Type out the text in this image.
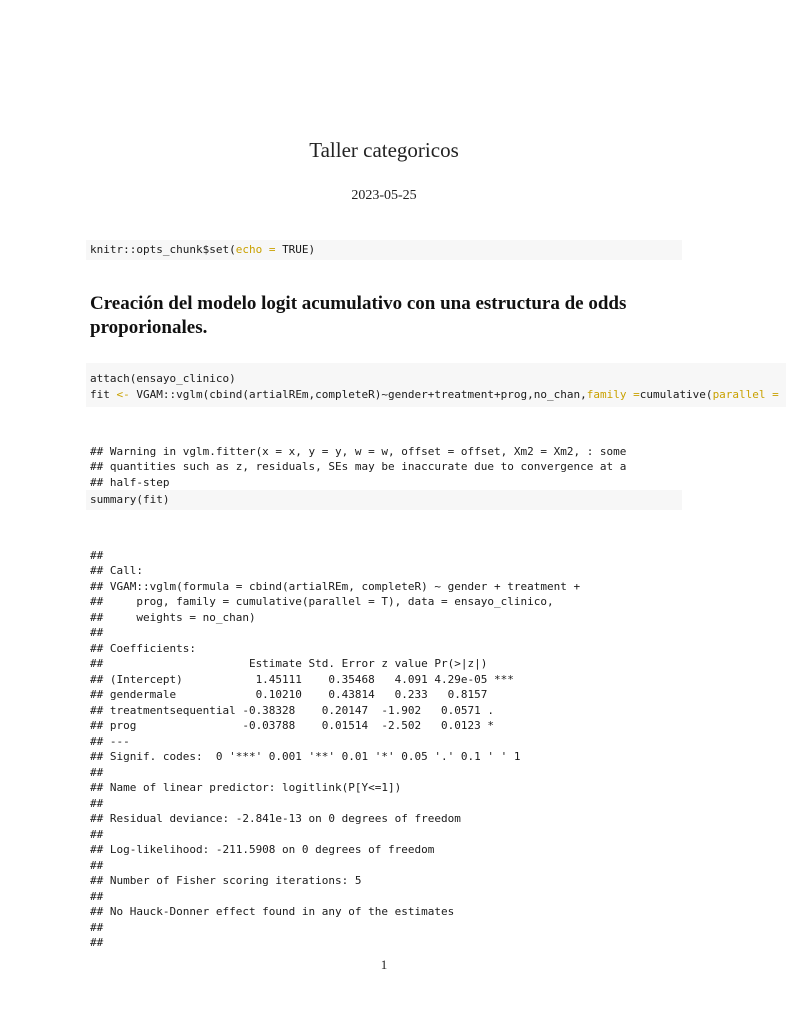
Taller categoricos
2023-05-25
knitr::opts_chunk$set(echo = TRUE)
Creación del modelo logit acumulativo con una estructura de odds proporionales.
attach(ensayo_clinico)
fit <- VGAM::vglm(cbind(artialREm,completeR)~gender+treatment+prog,no_chan,family =cumulative(parallel =

## Warning in vglm.fitter(x = x, y = y, w = w, offset = offset, Xm2 = Xm2, : some
## quantities such as z, residuals, SEs may be inaccurate due to convergence at a
## half-step
summary(fit)

##
## Call:
## VGAM::vglm(formula = cbind(artialREm, completeR) ~ gender + treatment +
##     prog, family = cumulative(parallel = T), data = ensayo_clinico,
##     weights = no_chan)
##
## Coefficients:
##                      Estimate Std. Error z value Pr(>|z|)
## (Intercept)           1.45111    0.35468   4.091 4.29e-05 ***
## gendermale            0.10210    0.43814   0.233   0.8157
## treatmentsequential -0.38328    0.20147  -1.902   0.0571 .
## prog                -0.03788    0.01514  -2.502   0.0123 *
## ---
## Signif. codes:  0 '***' 0.001 '**' 0.01 '*' 0.05 '.' 0.1 ' ' 1
##
## Name of linear predictor: logitlink(P[Y<=1])
##
## Residual deviance: -2.841e-13 on 0 degrees of freedom
##
## Log-likelihood: -211.5908 on 0 degrees of freedom
##
## Number of Fisher scoring iterations: 5
##
## No Hauck-Donner effect found in any of the estimates
##
##
1
